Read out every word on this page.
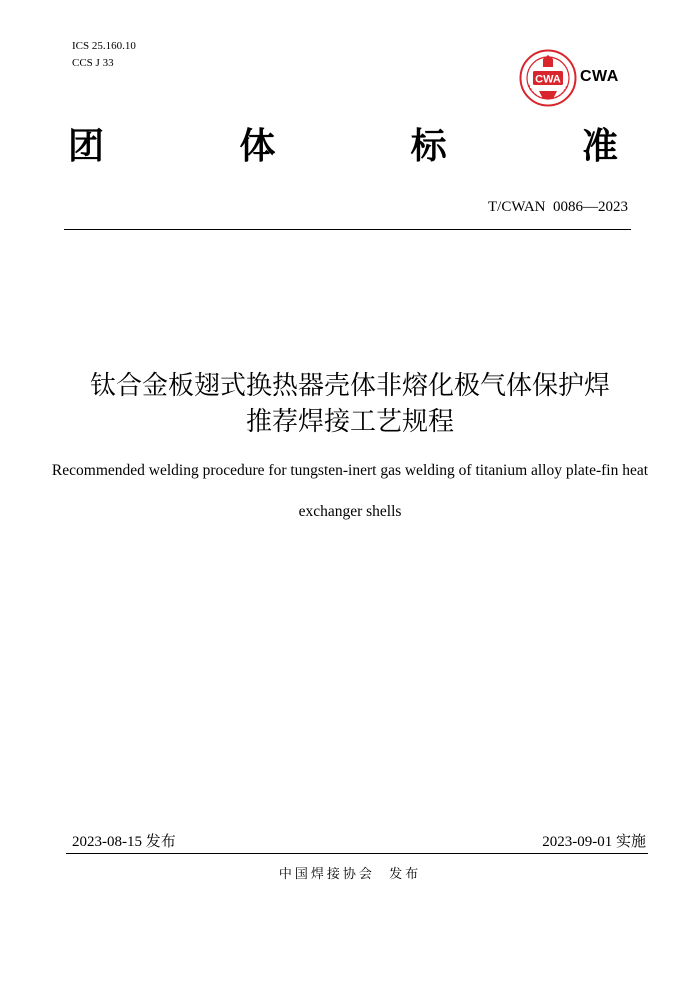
ICS 25.160.10
CCS J 33
CWA CWA
团	体	标	准
T/CWAN  0086—2023
钛合金板翅式换热器壳体非熔化极气体保护焊
推荐焊接工艺规程
Recommended welding procedure for tungsten-inert gas welding of titanium alloy plate-fin heat
exchanger shells
2023-08-15 发布	2023-09-01 实施
中国焊接协会  发布
